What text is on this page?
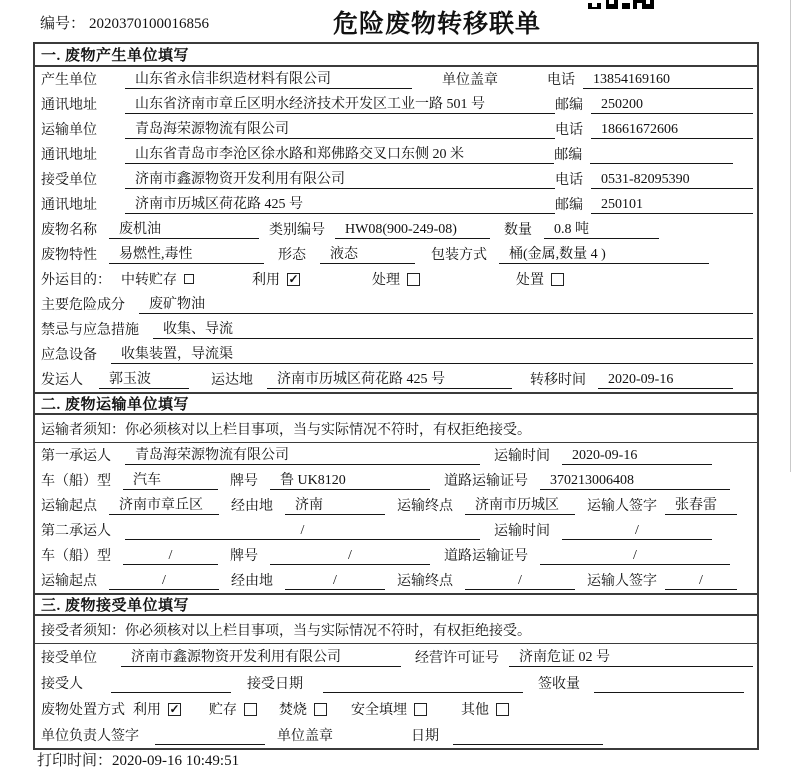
编号： 2020370100016856	危险废物转移联单
一. 废物产生单位填写
产生单位	山东省永信非织造材料有限公司	单位盖章	电话	13854169160
通讯地址	山东省济南市章丘区明水经济技术开发区工业一路 501 号	邮编	250200
运输单位	青岛海荣源物流有限公司	电话	18661672606
通讯地址	山东省青岛市李沧区徐水路和郑佛路交叉口东侧 20 米	邮编
接受单位	济南市鑫源物资开发利用有限公司	电话	0531-82095390
通讯地址	济南市历城区荷花路 425 号	邮编	250101
废物名称	废机油	类别编号	HW08(900-249-08)	数量	0.8 吨
废物特性	易燃性,毒性	形态	液态	包装方式	桶(金属,数量 4 )
外运目的： 中转贮存	利用 ✓	处理	处置
主要危险成分	废矿物油
禁忌与应急措施	收集、导流
应急设备	收集装置，导流渠
发运人	郭玉波	运达地	济南市历城区荷花路 425 号	转移时间	2020-09-16
二. 废物运输单位填写
运输者须知：你必须核对以上栏目事项，当与实际情况不符时，有权拒绝接受。
第一承运人	青岛海荣源物流有限公司	运输时间	2020-09-16
车（船）型	汽车	牌号	鲁 UK8120	道路运输证号	370213006408
运输起点	济南市章丘区	经由地	济南	运输终点	济南市历城区	运输人签字	张春雷
第二承运人	/	运输时间	/
车（船）型	/	牌号	/	道路运输证号	/
运输起点	/	经由地	/	运输终点	/	运输人签字	/
三. 废物接受单位填写
接受者须知：你必须核对以上栏目事项，当与实际情况不符时，有权拒绝接受。
接受单位	济南市鑫源物资开发利用有限公司	经营许可证号	济南危证 02 号
接受人	接受日期	签收量
废物处置方式 利用 ✓ 贮存	焚烧	安全填埋	其他
单位负责人签字	单位盖章	日期
打印时间：2020-09-16 10:49:51
